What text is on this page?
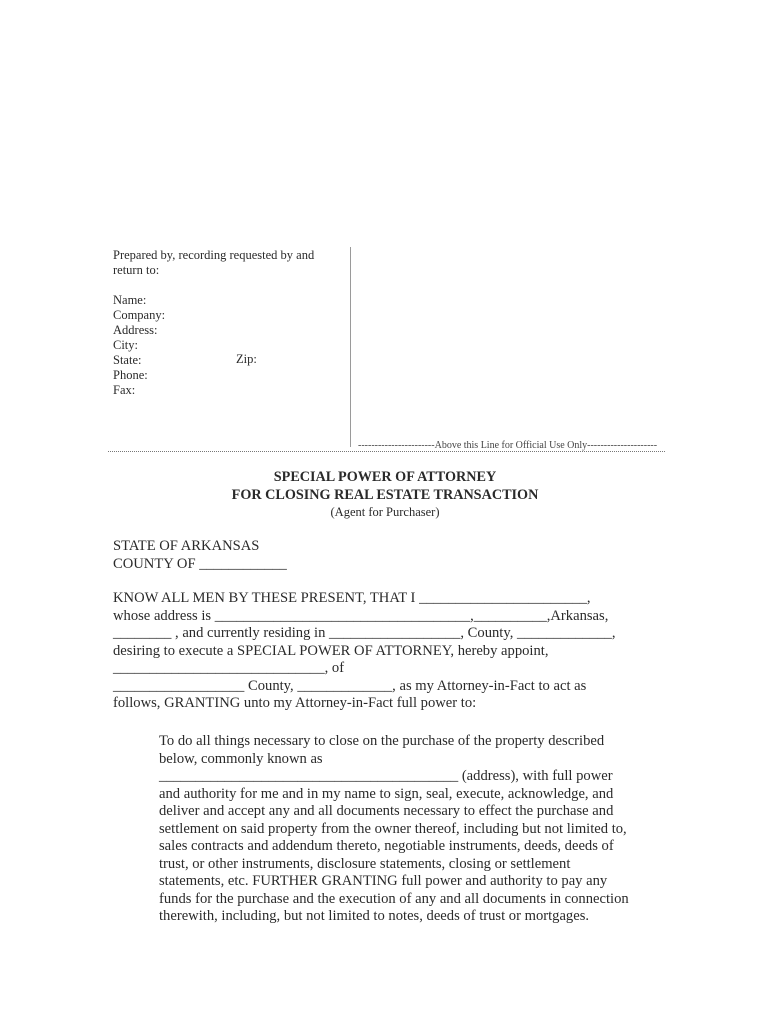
Prepared by, recording requested by and
return to:
Name:
Company:
Address:
City:
State:
Phone:
Fax:
Zip:
-----------------------Above this Line for Official Use Only---------------------
SPECIAL POWER OF ATTORNEY
FOR CLOSING REAL ESTATE TRANSACTION
(Agent for Purchaser)
STATE OF ARKANSAS
COUNTY OF ____________
KNOW ALL MEN BY THESE PRESENT, THAT I _______________________,
whose address is ___________________________________,__________,Arkansas,
________ , and currently residing in __________________, County, _____________,
desiring to execute a SPECIAL POWER OF ATTORNEY, hereby appoint,
_____________________________, of
__________________ County, _____________, as my Attorney-in-Fact to act as
follows, GRANTING unto my Attorney-in-Fact full power to:
To do all things necessary to close on the purchase of the property described
below, commonly known as
_________________________________________ (address), with full power
and authority for me and in my name to sign, seal, execute, acknowledge, and
deliver and accept any and all documents necessary to effect the purchase and
settlement on said property from the owner thereof, including but not limited to,
sales contracts and addendum thereto, negotiable instruments, deeds, deeds of
trust, or other instruments, disclosure statements, closing or settlement
statements, etc. FURTHER GRANTING full power and authority to pay any
funds for the purchase and the execution of any and all documents in connection
therewith, including, but not limited to notes, deeds of trust or mortgages.
